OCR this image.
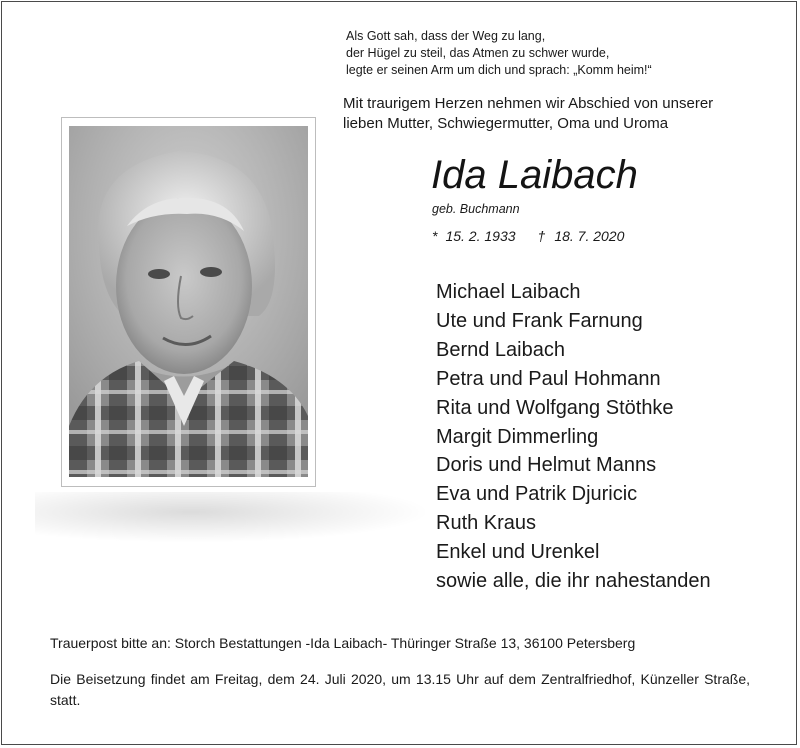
Als Gott sah, dass der Weg zu lang,
der Hügel zu steil, das Atmen zu schwer wurde,
legte er seinen Arm um dich und sprach: „Komm heim!“
Mit traurigem Herzen nehmen wir Abschied von unserer
lieben Mutter, Schwiegermutter, Oma und Uroma
Ida Laibach
geb. Buchmann
* 15. 2. 1933 † 18. 7. 2020
Michael Laibach
Ute und Frank Farnung
Bernd Laibach
Petra und Paul Hohmann
Rita und Wolfgang Stöthke
Margit Dimmerling
Doris und Helmut Manns
Eva und Patrik Djuricic
Ruth Kraus
Enkel und Urenkel
sowie alle, die ihr nahestanden
Trauerpost bitte an: Storch Bestattungen -Ida Laibach- Thüringer Straße 13, 36100 Petersberg
Die Beisetzung findet am Freitag, dem 24. Juli 2020, um 13.15 Uhr auf dem Zentralfriedhof, Künzeller Straße, statt.
